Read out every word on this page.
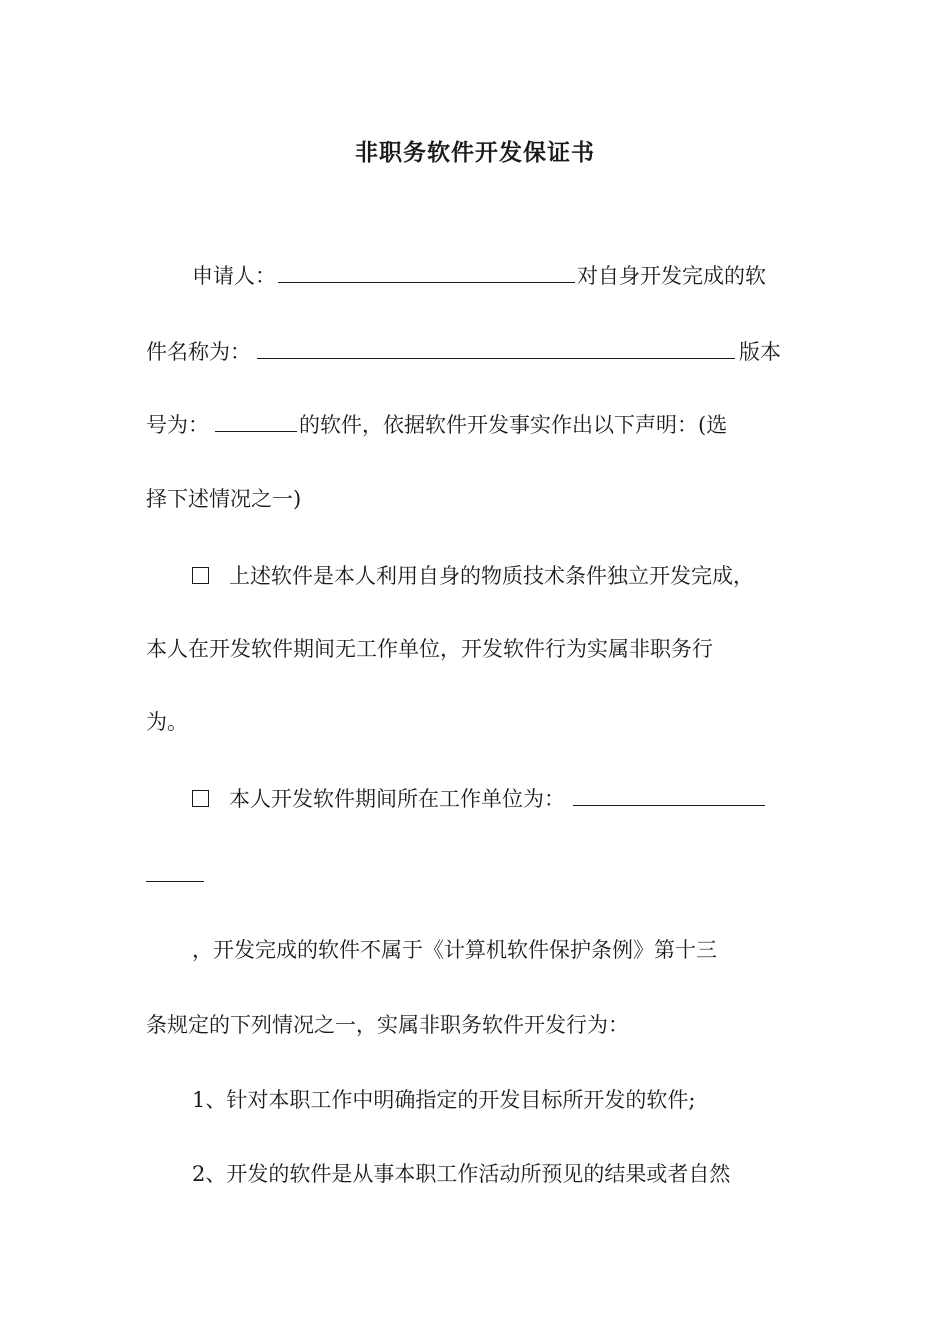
非职务软件开发保证书
申请人：	对自身开发完成的软
件名称为：	版本
号为：	的软件，依据软件开发事实作出以下声明：(选
择下述情况之一)
上述软件是本人利用自身的物质技术条件独立开发完成，
本人在开发软件期间无工作单位，开发软件行为实属非职务行
为。
本人开发软件期间所在工作单位为：
，开发完成的软件不属于《计算机软件保护条例》第十三
条规定的下列情况之一，实属非职务软件开发行为：
1、针对本职工作中明确指定的开发目标所开发的软件;
2、开发的软件是从事本职工作活动所预见的结果或者自然
